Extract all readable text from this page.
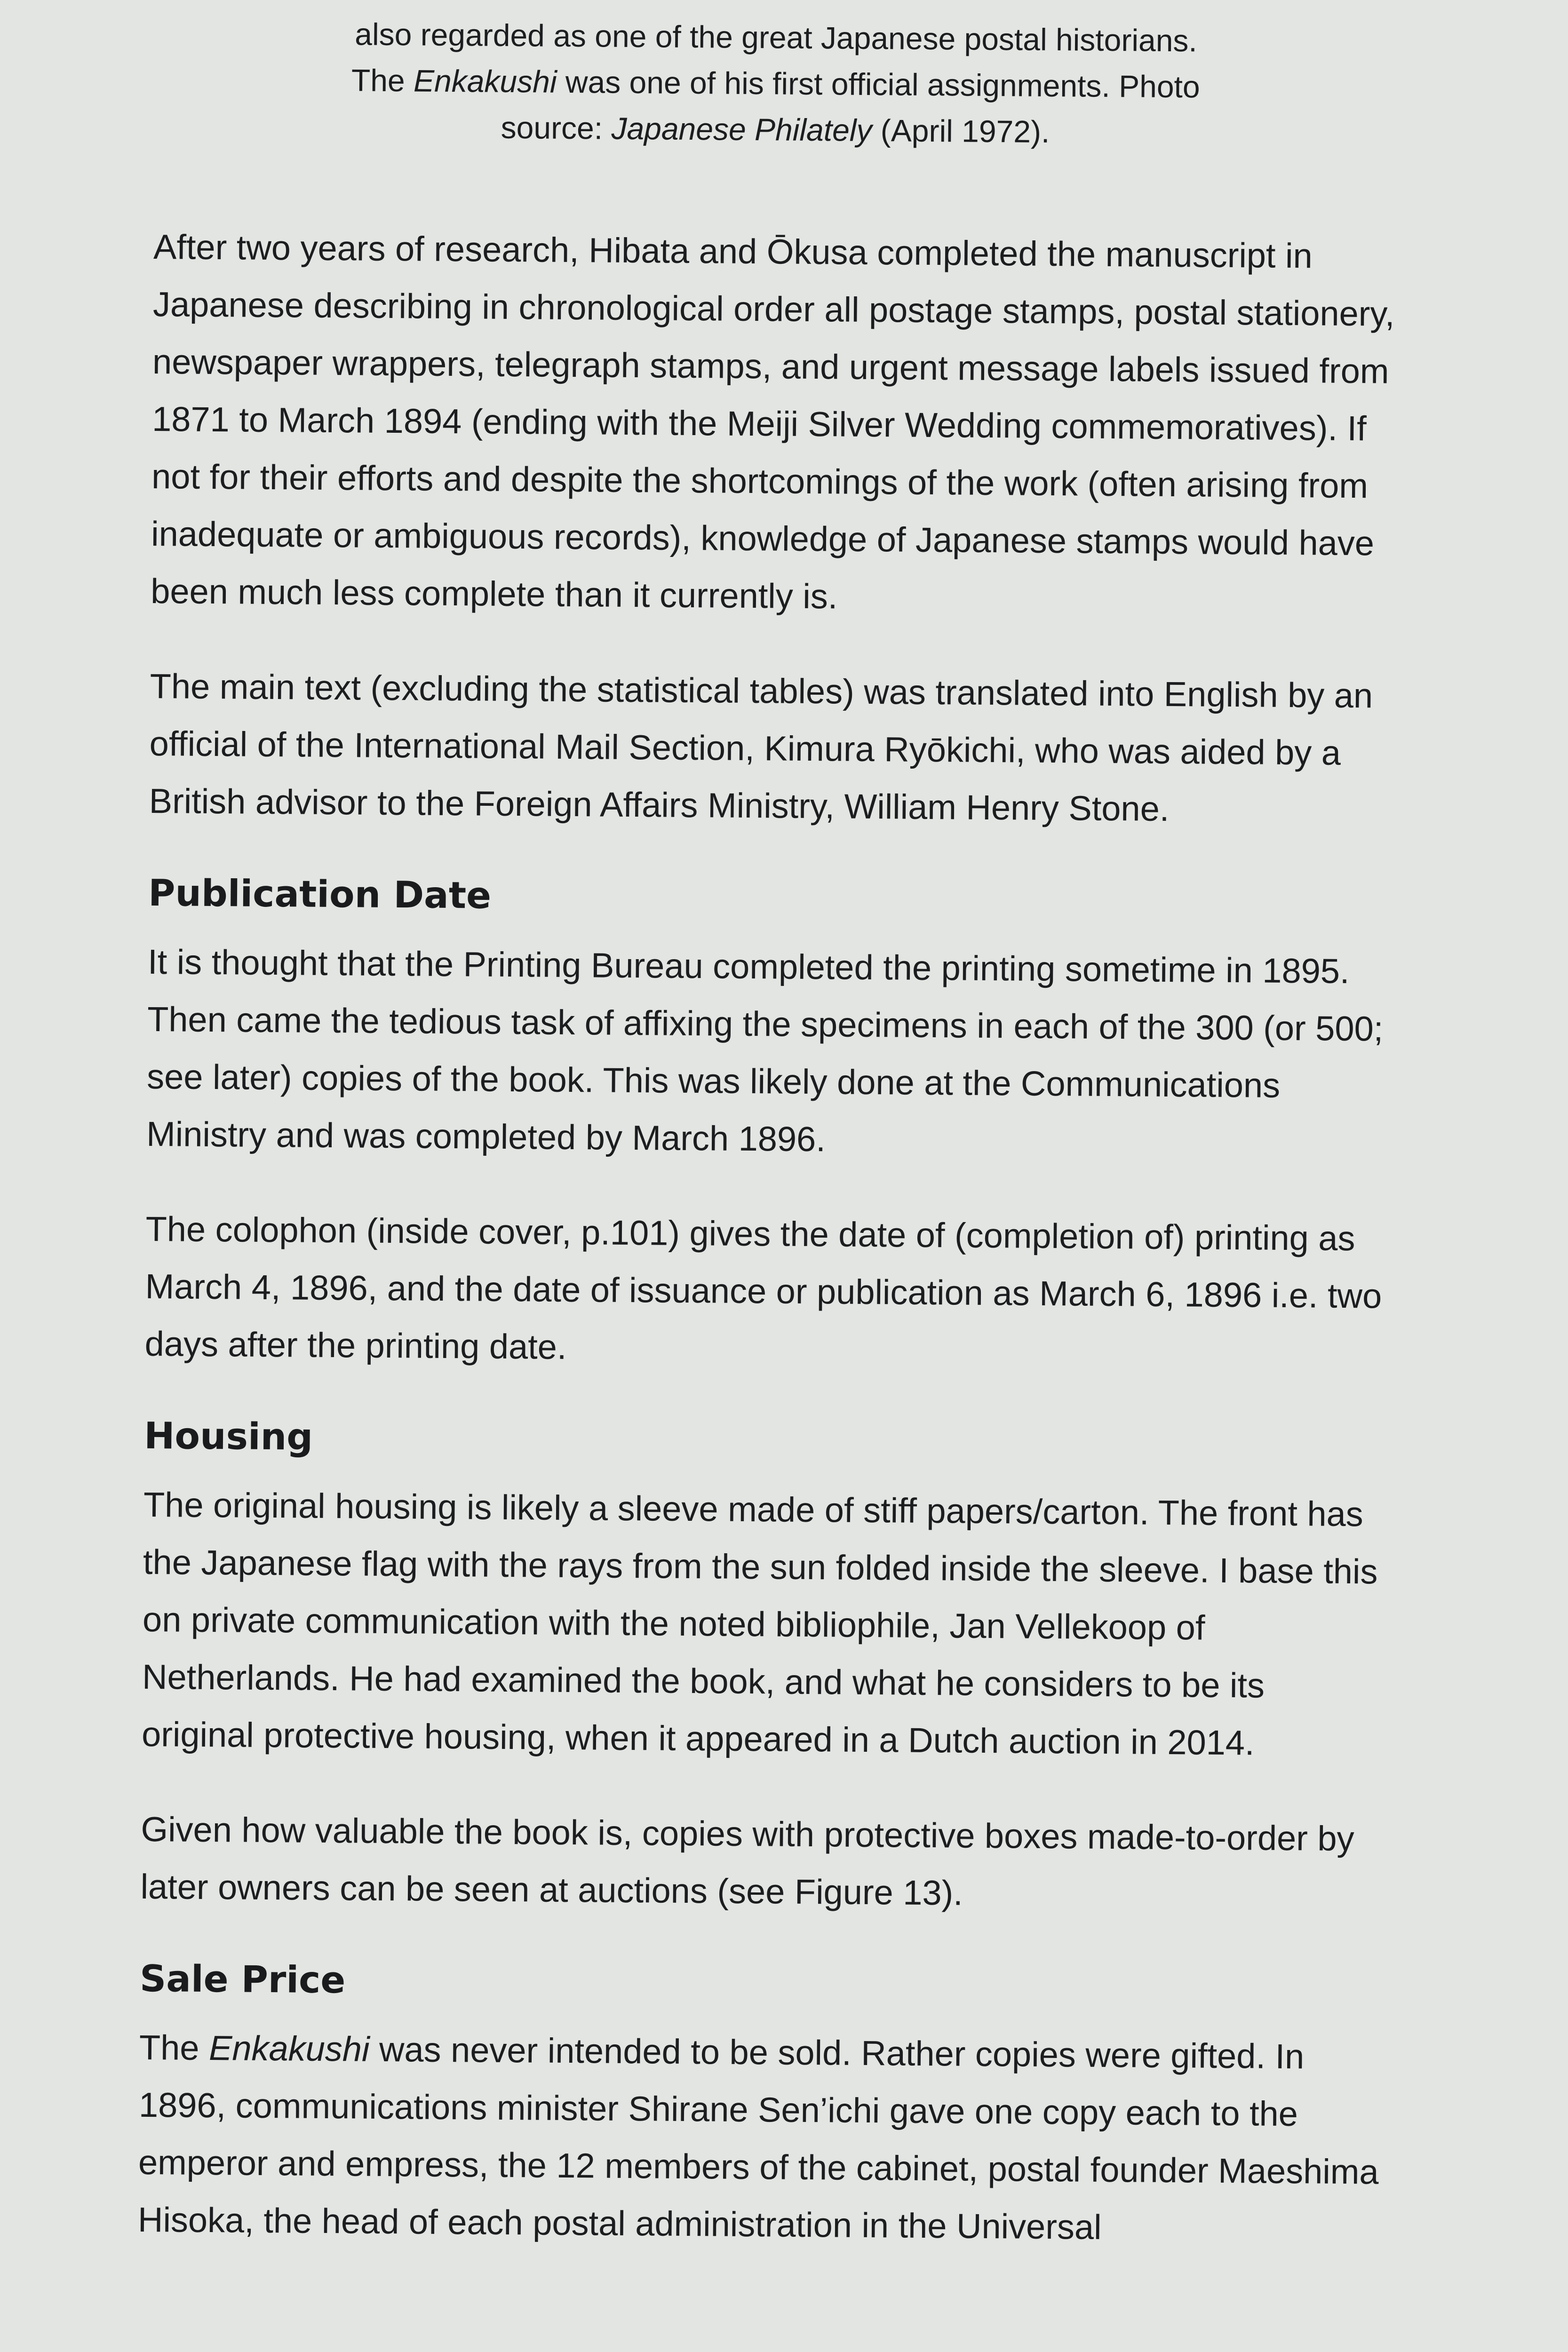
also regarded as one of the great Japanese postal historians.
The Enkakushi was one of his first official assignments. Photo
source: Japanese Philately (April 1972).

After two years of research, Hibata and Ōkusa completed the manuscript in Japanese describing in chronological order all postage stamps, postal stationery, newspaper wrappers, telegraph stamps, and urgent message labels issued from 1871 to March 1894 (ending with the Meiji Silver Wedding commemoratives). If not for their efforts and despite the shortcomings of the work (often arising from inadequate or ambiguous records), knowledge of Japanese stamps would have been much less complete than it currently is.

The main text (excluding the statistical tables) was translated into English by an official of the International Mail Section, Kimura Ryōkichi, who was aided by a British advisor to the Foreign Affairs Ministry, William Henry Stone.

Publication Date

It is thought that the Printing Bureau completed the printing sometime in 1895. Then came the tedious task of affixing the specimens in each of the 300 (or 500; see later) copies of the book. This was likely done at the Communications Ministry and was completed by March 1896.

The colophon (inside cover, p.101) gives the date of (completion of) printing as March 4, 1896, and the date of issuance or publication as March 6, 1896 i.e. two days after the printing date.

Housing

The original housing is likely a sleeve made of stiff papers/carton. The front has the Japanese flag with the rays from the sun folded inside the sleeve. I base this on private communication with the noted bibliophile, Jan Vellekoop of Netherlands. He had examined the book, and what he considers to be its original protective housing, when it appeared in a Dutch auction in 2014.

Given how valuable the book is, copies with protective boxes made-to-order by later owners can be seen at auctions (see Figure 13).

Sale Price

The Enkakushi was never intended to be sold. Rather copies were gifted. In 1896, communications minister Shirane Sen’ichi gave one copy each to the emperor and empress, the 12 members of the cabinet, postal founder Maeshima Hisoka, the head of each postal administration in the Universal
